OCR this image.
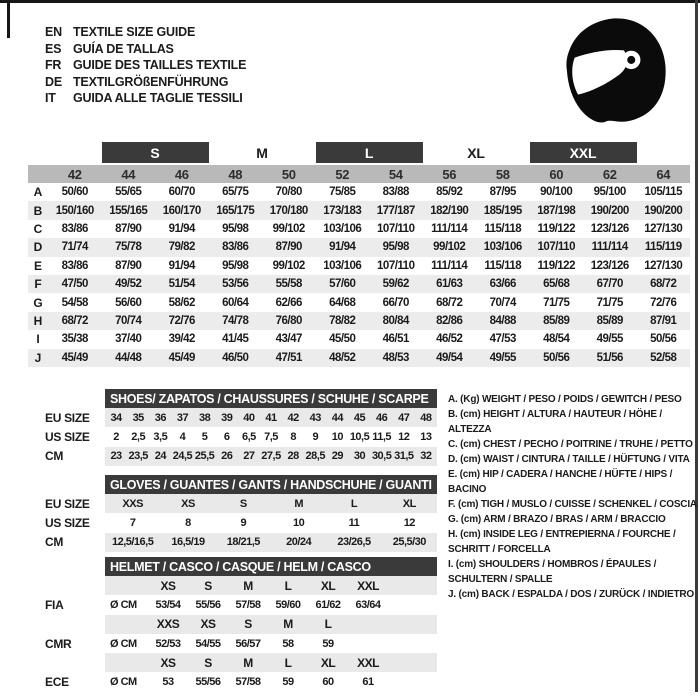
EN TEXTILE SIZE GUIDE
ES GUÍA DE TALLAS
FR GUIDE DES TAILLES TEXTILE
DE TEXTILGRÖßENFÜHRUNG
IT	GUIDA ALLE TAGLIE TESSILI
S	M	L	XL	XXL
42	44	46	48	50	52	54	56	58	60	62	64
A	50/60	55/65	60/70	65/75	70/80	75/85	83/88	85/92	87/95	90/100	95/100	105/115
B	150/160	155/165	160/170	165/175	170/180	173/183	177/187	182/190	185/195	187/198	190/200	190/200
C	83/86	87/90	91/94	95/98	99/102	103/106	107/110	111/114	115/118	119/122	123/126	127/130
D	71/74	75/78	79/82	83/86	87/90	91/94	95/98	99/102	103/106	107/110	111/114	115/119
E	83/86	87/90	91/94	95/98	99/102	103/106	107/110	111/114	115/118	119/122	123/126	127/130
F	47/50	49/52	51/54	53/56	55/58	57/60	59/62	61/63	63/66	65/68	67/70	68/72
G	54/58	56/60	58/62	60/64	62/66	64/68	66/70	68/72	70/74	71/75	71/75	72/76
H	68/72	70/74	72/76	74/78	76/80	78/82	80/84	82/86	84/88	85/89	85/89	87/91
I	35/38	37/40	39/42	41/45	43/47	45/50	46/51	46/52	47/53	48/54	49/55	50/56
J	45/49	44/48	45/49	46/50	47/51	48/52	48/53	49/54	49/55	50/56	51/56	52/58
SHOES/ ZAPATOS / CHAUSSURES / SCHUHE / SCARPE
EU SIZE	34 35 36 37 38 39 40 41 42 43 44 45 46 47 48
US SIZE	2	2,5 3,5	4	5	6	6,5 7,5	8	9	10 10,5 11,5 12 13
CM	23 23,5 24 24,5 25,5 26 27 27,5 28 28,5 29 30 30,5 31,5 32
GLOVES / GUANTES / GANTS / HANDSCHUHE / GUANTI
EU SIZE	XXS	XS	S	M	L	XL
US SIZE	7	8	9	10	11	12
CM	12,5/16,5	16,5/19	18/21,5	20/24	23/26,5	25,5/30
HELMET / CASCO / CASQUE / HELM / CASCO
XS	S	M	L	XL	XXL
FIA	Ø CM	53/54	55/56	57/58	59/60	61/62	63/64
XXS	XS	S	M	L
CMR	Ø CM	52/53	54/55	56/57	58	59
XS	S	M	L	XL	XXL
ECE	Ø CM	53	55/56	57/58	59	60	61
A. (Kg) WEIGHT / PESO / POIDS / GEWITCH / PESO
B. (cm) HEIGHT / ALTURA / HAUTEUR / HÖHE / ALTEZZA
C. (cm) CHEST / PECHO / POITRINE / TRUHE / PETTO
D. (cm) WAIST / CINTURA / TAILLE / HÜFTUNG / VITA
E. (cm) HIP / CADERA / HANCHE / HÜFTE / HIPS / BACINO
F. (cm) TIGH / MUSLO / CUISSE / SCHENKEL / COSCIA
G. (cm) ARM / BRAZO / BRAS / ARM / BRACCIO
H. (cm) INSIDE LEG / ENTREPIERNA / FOURCHE / SCHRITT / FORCELLA
I. (cm) SHOULDERS / HOMBROS / ÉPAULES / SCHULTERN / SPALLE
J. (cm) BACK / ESPALDA / DOS / ZURÜCK / INDIETRO
